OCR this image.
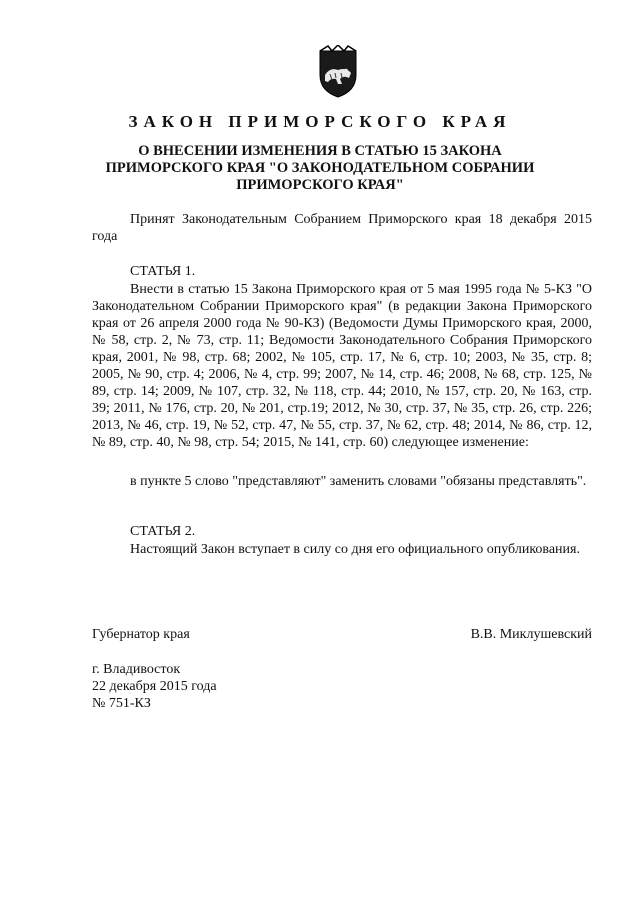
ЗАКОН ПРИМОРСКОГО КРАЯ
О ВНЕСЕНИИ ИЗМЕНЕНИЯ В СТАТЬЮ 15 ЗАКОНА ПРИМОРСКОГО КРАЯ "О ЗАКОНОДАТЕЛЬНОМ СОБРАНИИ ПРИМОРСКОГО КРАЯ"
Принят Законодательным Собранием Приморского края 18 декабря 2015 года
СТАТЬЯ 1.
Внести в статью 15 Закона Приморского края от 5 мая 1995 года № 5-КЗ "О Законодательном Собрании Приморского края" (в редакции Закона Приморского края от 26 апреля 2000 года № 90-КЗ) (Ведомости Думы Приморского края, 2000, № 58, стр. 2, № 73, стр. 11; Ведомости Законодательного Собрания Приморского края, 2001, № 98, стр. 68; 2002, № 105, стр. 17, № 6, стр. 10; 2003, № 35, стр. 8; 2005, № 90, стр. 4; 2006, № 4, стр. 99; 2007, № 14, стр. 46; 2008, № 68, стр. 125, № 89, стр. 14; 2009, № 107, стр. 32, № 118, стр. 44; 2010, № 157, стр. 20, № 163, стр. 39; 2011, № 176, стр. 20, № 201, стр.19; 2012, № 30, стр. 37, № 35, стр. 26, стр. 226; 2013, № 46, стр. 19, № 52, стр. 47, № 55, стр. 37, № 62, стр. 48; 2014, № 86, стр. 12, № 89, стр. 40, № 98, стр. 54; 2015, № 141, стр. 60) следующее изменение:
в пункте 5 слово "представляют" заменить словами "обязаны представлять".
СТАТЬЯ 2.
Настоящий Закон вступает в силу со дня его официального опубликования.
Губернатор края	В.В. Миклушевский
г. Владивосток
22 декабря 2015 года
№ 751-КЗ
